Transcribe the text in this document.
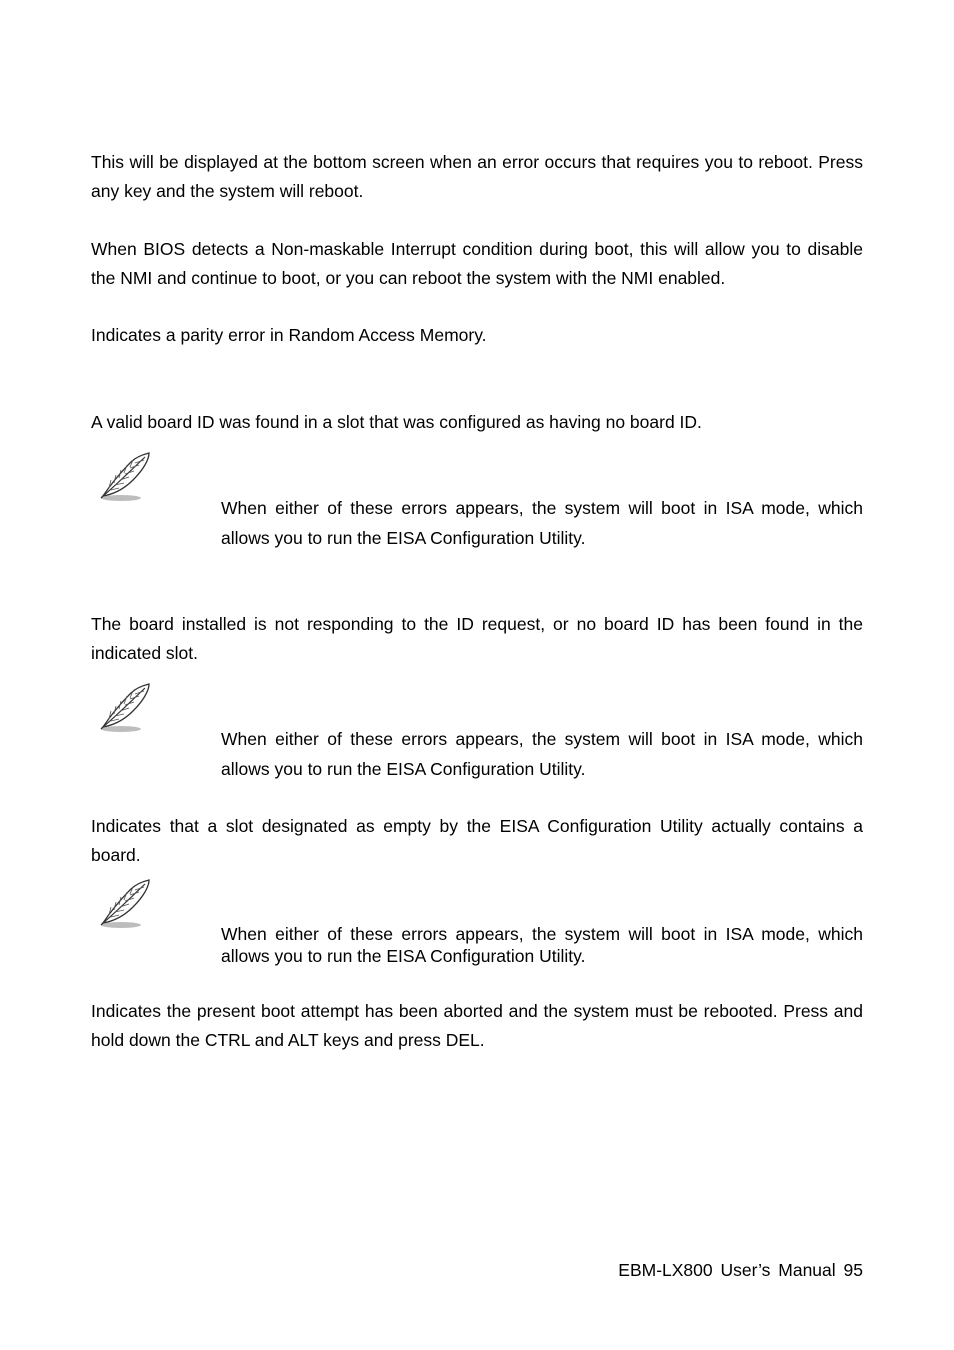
This will be displayed at the bottom screen when an error occurs that requires you to reboot. Press any key and the system will reboot.

When BIOS detects a Non-maskable Interrupt condition during boot, this will allow you to disable the NMI and continue to boot, or you can reboot the system with the NMI enabled.

Indicates a parity error in Random Access Memory.

A valid board ID was found in a slot that was configured as having no board ID.

When either of these errors appears, the system will boot in ISA mode, which allows you to run the EISA Configuration Utility.

The board installed is not responding to the ID request, or no board ID has been found in the indicated slot.

When either of these errors appears, the system will boot in ISA mode, which allows you to run the EISA Configuration Utility.

Indicates that a slot designated as empty by the EISA Configuration Utility actually contains a board.

When either of these errors appears, the system will boot in ISA mode, which allows you to run the EISA Configuration Utility.

Indicates the present boot attempt has been aborted and the system must be rebooted. Press and hold down the CTRL and ALT keys and press DEL.

EBM-LX800 User’s Manual 95
